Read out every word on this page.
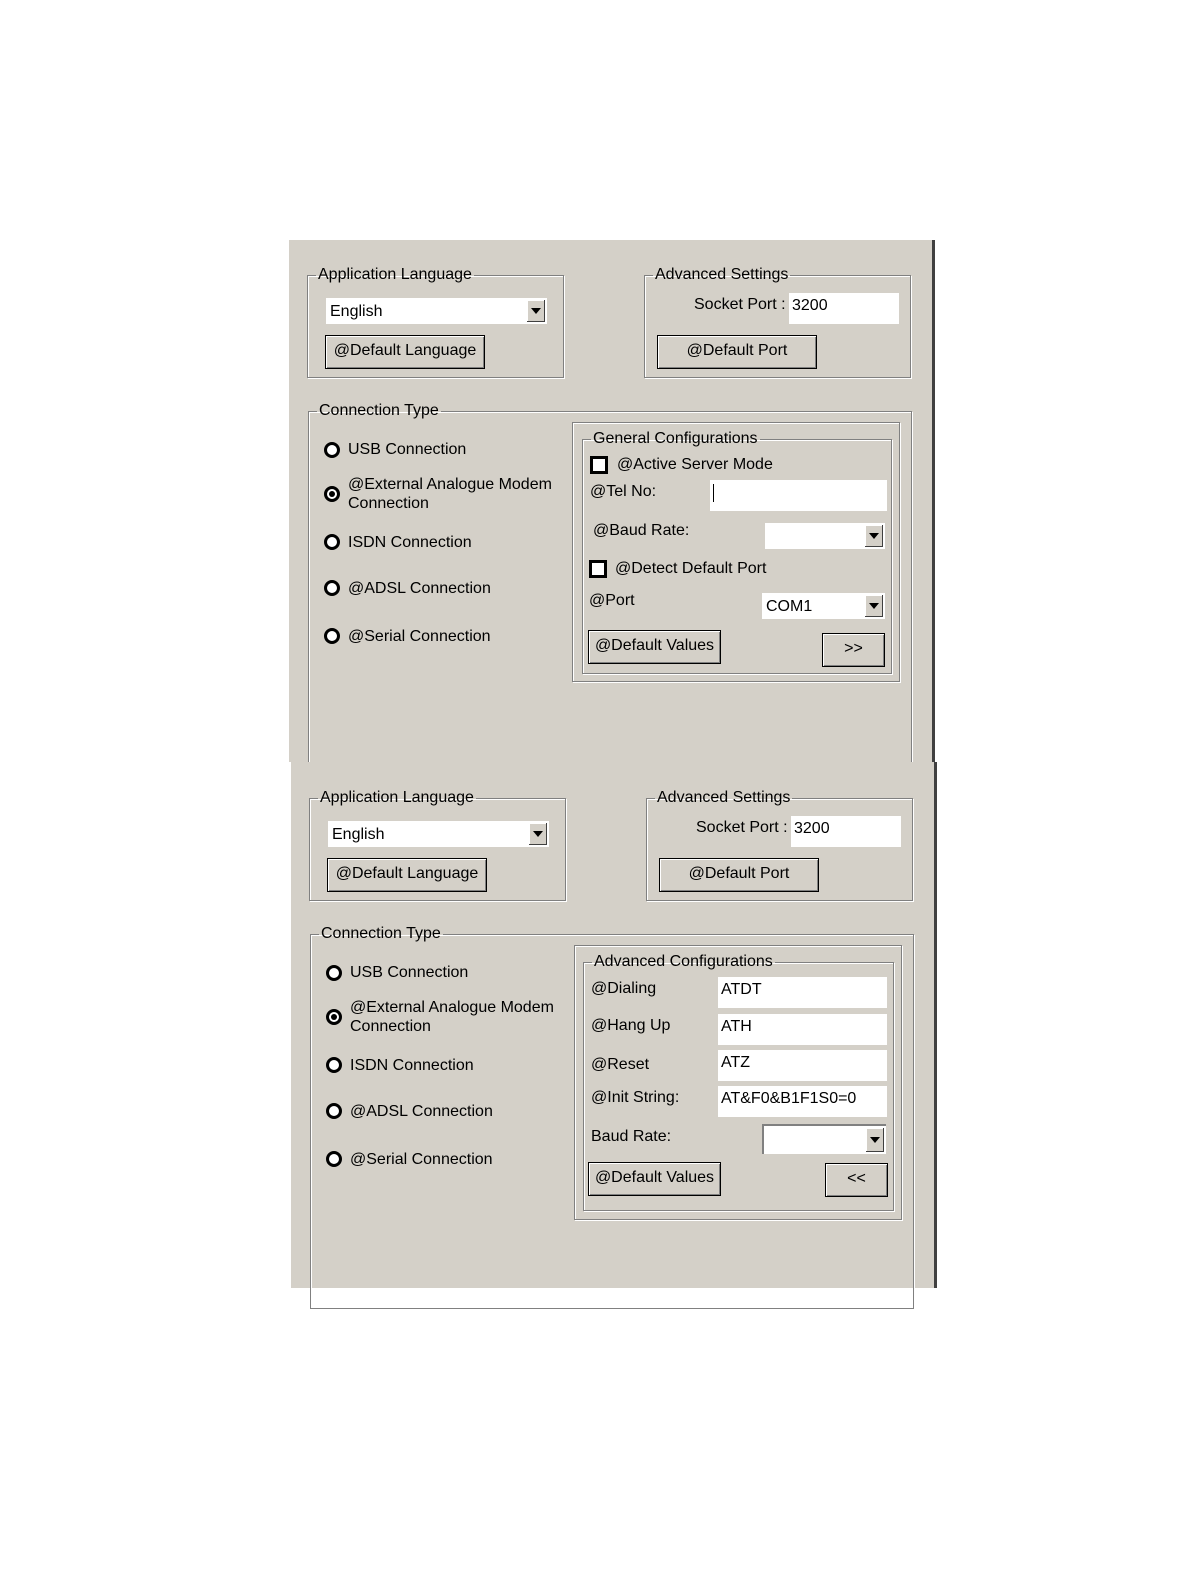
Application Language
English
@Default Language
Advanced Settings
Socket Port : 3200
@Default Port
Connection Type
USB Connection
@External Analogue Modem
Connection
ISDN Connection
@ADSL Connection
@Serial Connection
General Configurations
@Active Server Mode
@Tel No:
@Baud Rate:
@Detect Default Port
@Port	COM1
@Default Values	>>
Application Language
English
@Default Language
Advanced Settings
Socket Port : 3200
@Default Port
Connection Type
USB Connection
@External Analogue Modem
Connection
ISDN Connection
@ADSL Connection
@Serial Connection
Advanced Configurations
@Dialing	ATDT
@Hang Up	ATH
@Reset	ATZ
@Init String:	AT&F0&B1F1S0=0
Baud Rate:
@Default Values	<<
